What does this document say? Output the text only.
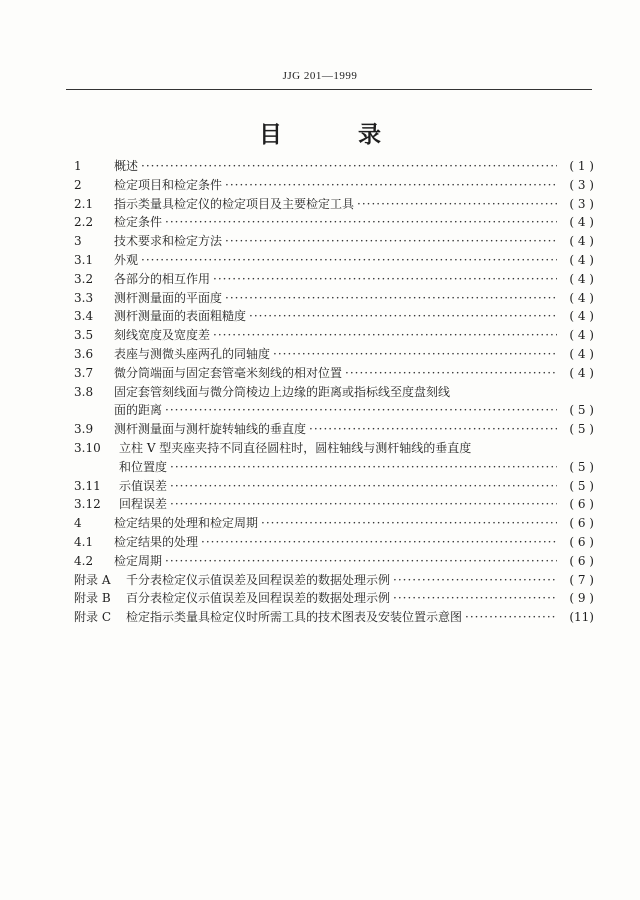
JJG 201—1999
目 录
1	概述 ·····	( 1 )
2	检定项目和检定条件 ·····	( 3 )
2.1	指示类量具检定仪的检定项目及主要检定工具 ·····	( 3 )
2.2	检定条件 ·····	( 4 )
3	技术要求和检定方法 ·····	( 4 )
3.1	外观 ·····	( 4 )
3.2	各部分的相互作用 ·····	( 4 )
3.3	测杆测量面的平面度 ·····	( 4 )
3.4	测杆测量面的表面粗糙度 ·····	( 4 )
3.5	刻线宽度及宽度差 ·····	( 4 )
3.6	表座与测微头座两孔的同轴度 ·····	( 4 )
3.7	微分筒端面与固定套管毫米刻线的相对位置 ·····	( 4 )
3.8	固定套管刻线面与微分筒棱边上边缘的距离或指标线至度盘刻线
面的距离 ·····	( 5 )
3.9	测杆测量面与测杆旋转轴线的垂直度 ·····	( 5 )
3.10	立柱 V 型夹座夹持不同直径圆柱时，圆柱轴线与测杆轴线的垂直度
和位置度 ·····	( 5 )
3.11	示值误差 ·····	( 5 )
3.12	回程误差 ·····	( 6 )
4	检定结果的处理和检定周期 ·····	( 6 )
4.1	检定结果的处理 ·····	( 6 )
4.2	检定周期 ·····	( 6 )
附录 A	千分表检定仪示值误差及回程误差的数据处理示例 ·····	( 7 )
附录 B	百分表检定仪示值误差及回程误差的数据处理示例 ·····	( 9 )
附录 C	检定指示类量具检定仪时所需工具的技术图表及安装位置示意图 ·····	(11)
